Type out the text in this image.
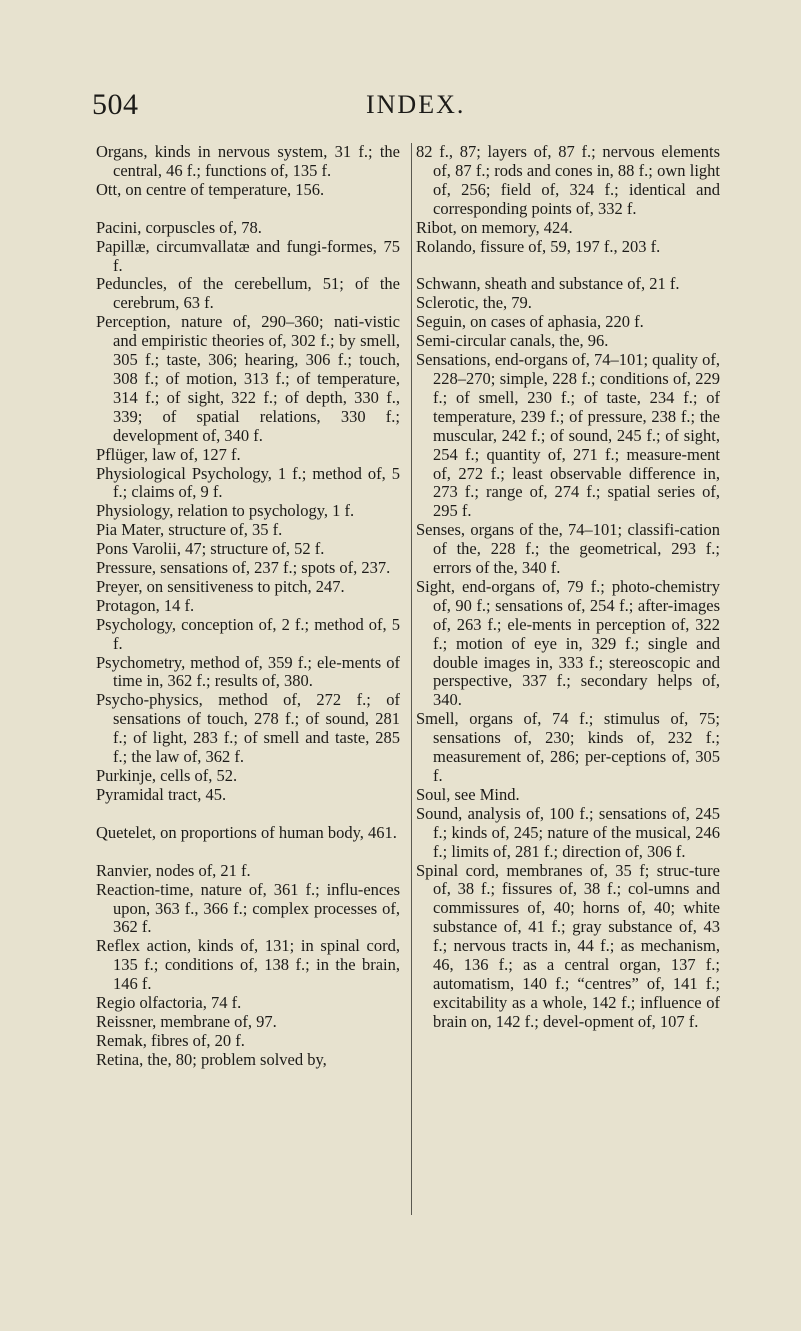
504	INDEX.

Organs, kinds in nervous system, 31 f.; the central, 46 f.; functions of, 135 f.

Ott, on centre of temperature, 156.

Pacini, corpuscles of, 78.

Papillæ, circumvallatæ and fungi-formes, 75 f.

Peduncles, of the cerebellum, 51; of the cerebrum, 63 f.

Perception, nature of, 290–360; nati-vistic and empiristic theories of, 302 f.; by smell, 305 f.; taste, 306; hearing, 306 f.; touch, 308 f.; of motion, 313 f.; of temperature, 314 f.; of sight, 322 f.; of depth, 330 f., 339; of spatial relations, 330 f.; development of, 340 f.

Pflüger, law of, 127 f.

Physiological Psychology, 1 f.; method of, 5 f.; claims of, 9 f.

Physiology, relation to psychology, 1 f.

Pia Mater, structure of, 35 f.

Pons Varolii, 47; structure of, 52 f.

Pressure, sensations of, 237 f.; spots of, 237.

Preyer, on sensitiveness to pitch, 247.

Protagon, 14 f.

Psychology, conception of, 2 f.; method of, 5 f.

Psychometry, method of, 359 f.; ele-ments of time in, 362 f.; results of, 380.

Psycho-physics, method of, 272 f.; of sensations of touch, 278 f.; of sound, 281 f.; of light, 283 f.; of smell and taste, 285 f.; the law of, 362 f.

Purkinje, cells of, 52.

Pyramidal tract, 45.

Quetelet, on proportions of human body, 461.

Ranvier, nodes of, 21 f.

Reaction-time, nature of, 361 f.; influ-ences upon, 363 f., 366 f.; complex processes of, 362 f.

Reflex action, kinds of, 131; in spinal cord, 135 f.; conditions of, 138 f.; in the brain, 146 f.

Regio olfactoria, 74 f.

Reissner, membrane of, 97.

Remak, fibres of, 20 f.

Retina, the, 80; problem solved by,

82 f., 87; layers of, 87 f.; nervous elements of, 87 f.; rods and cones in, 88 f.; own light of, 256; field of, 324 f.; identical and corresponding points of, 332 f.

Ribot, on memory, 424.

Rolando, fissure of, 59, 197 f., 203 f.

Schwann, sheath and substance of, 21 f.

Sclerotic, the, 79.

Seguin, on cases of aphasia, 220 f.

Semi-circular canals, the, 96.

Sensations, end-organs of, 74–101; quality of, 228–270; simple, 228 f.; conditions of, 229 f.; of smell, 230 f.; of taste, 234 f.; of temperature, 239 f.; of pressure, 238 f.; the muscular, 242 f.; of sound, 245 f.; of sight, 254 f.; quantity of, 271 f.; measure-ment of, 272 f.; least observable difference in, 273 f.; range of, 274 f.; spatial series of, 295 f.

Senses, organs of the, 74–101; classifi-cation of the, 228 f.; the geometrical, 293 f.; errors of the, 340 f.

Sight, end-organs of, 79 f.; photo-chemistry of, 90 f.; sensations of, 254 f.; after-images of, 263 f.; ele-ments in perception of, 322 f.; motion of eye in, 329 f.; single and double images in, 333 f.; stereoscopic and perspective, 337 f.; secondary helps of, 340.

Smell, organs of, 74 f.; stimulus of, 75; sensations of, 230; kinds of, 232 f.; measurement of, 286; per-ceptions of, 305 f.

Soul, see Mind.

Sound, analysis of, 100 f.; sensations of, 245 f.; kinds of, 245; nature of the musical, 246 f.; limits of, 281 f.; direction of, 306 f.

Spinal cord, membranes of, 35 f; struc-ture of, 38 f.; fissures of, 38 f.; col-umns and commissures of, 40; horns of, 40; white substance of, 41 f.; gray substance of, 43 f.; nervous tracts in, 44 f.; as mechanism, 46, 136 f.; as a central organ, 137 f.; automatism, 140 f.; “centres” of, 141 f.; excitability as a whole, 142 f.; influence of brain on, 142 f.; devel-opment of, 107 f.
